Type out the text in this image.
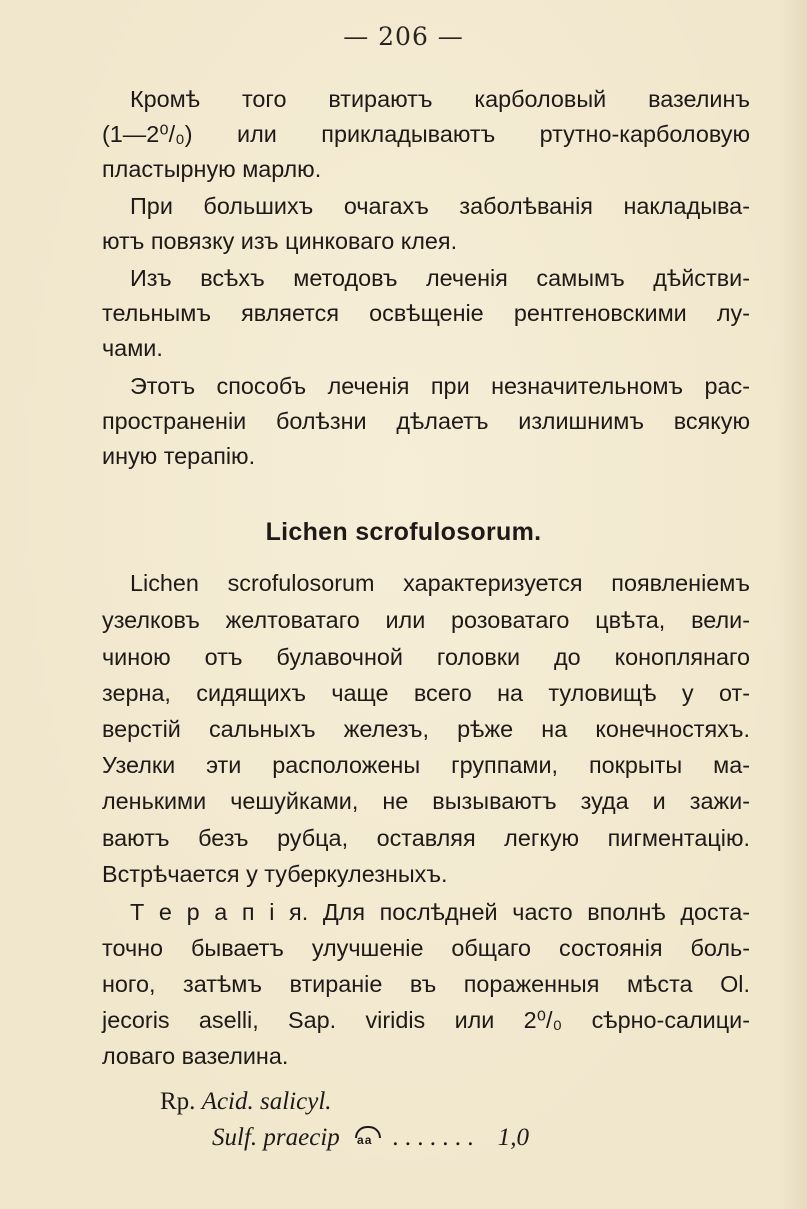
— 206 —
Кромѣ того втираютъ карболовый вазелинъ
(1—2⁰/₀) или прикладываютъ ртутно-карболовую
пластырную марлю.
При большихъ очагахъ заболѣванія накладыва-
ютъ повязку изъ цинковаго клея.
Изъ всѣхъ методовъ леченія самымъ дѣйстви-
тельнымъ является освѣщеніе рентгеновскими лу-
чами.
Этотъ способъ леченія при незначительномъ рас-
пространеніи болѣзни дѣлаетъ излишнимъ всякую
иную терапію.
Lichen scrofulosorum.
Lichen scrofulosorum характеризуется появленіемъ
узелковъ желтоватаго или розоватаго цвѣта, вели-
чиною отъ булавочной головки до конoплянаго
зерна, сидящихъ чаще всего на туловищѣ у от-
верстій сальныхъ железъ, рѣже на конечностяхъ.
Узелки эти расположены группами, покрыты ма-
ленькими чешуйками, не вызываютъ зуда и зажи-
ваютъ безъ рубца, оставляя легкую пигментацію.
Встрѣчается у туберкулезныхъ.
Т е р а п і я. Для послѣдней часто вполнѣ доста-
точно бываетъ улучшеніе общаго состоянія боль-
ного, затѣмъ втираніе въ пораженныя мѣста Ol.
jecoris aselli, Sap. viridis или 2⁰/₀ сѣрно-салици-
ловаго вазелина.
Rp. Acid. salicyl.
Sulf. praecip aa . . . . . . . 1,0
